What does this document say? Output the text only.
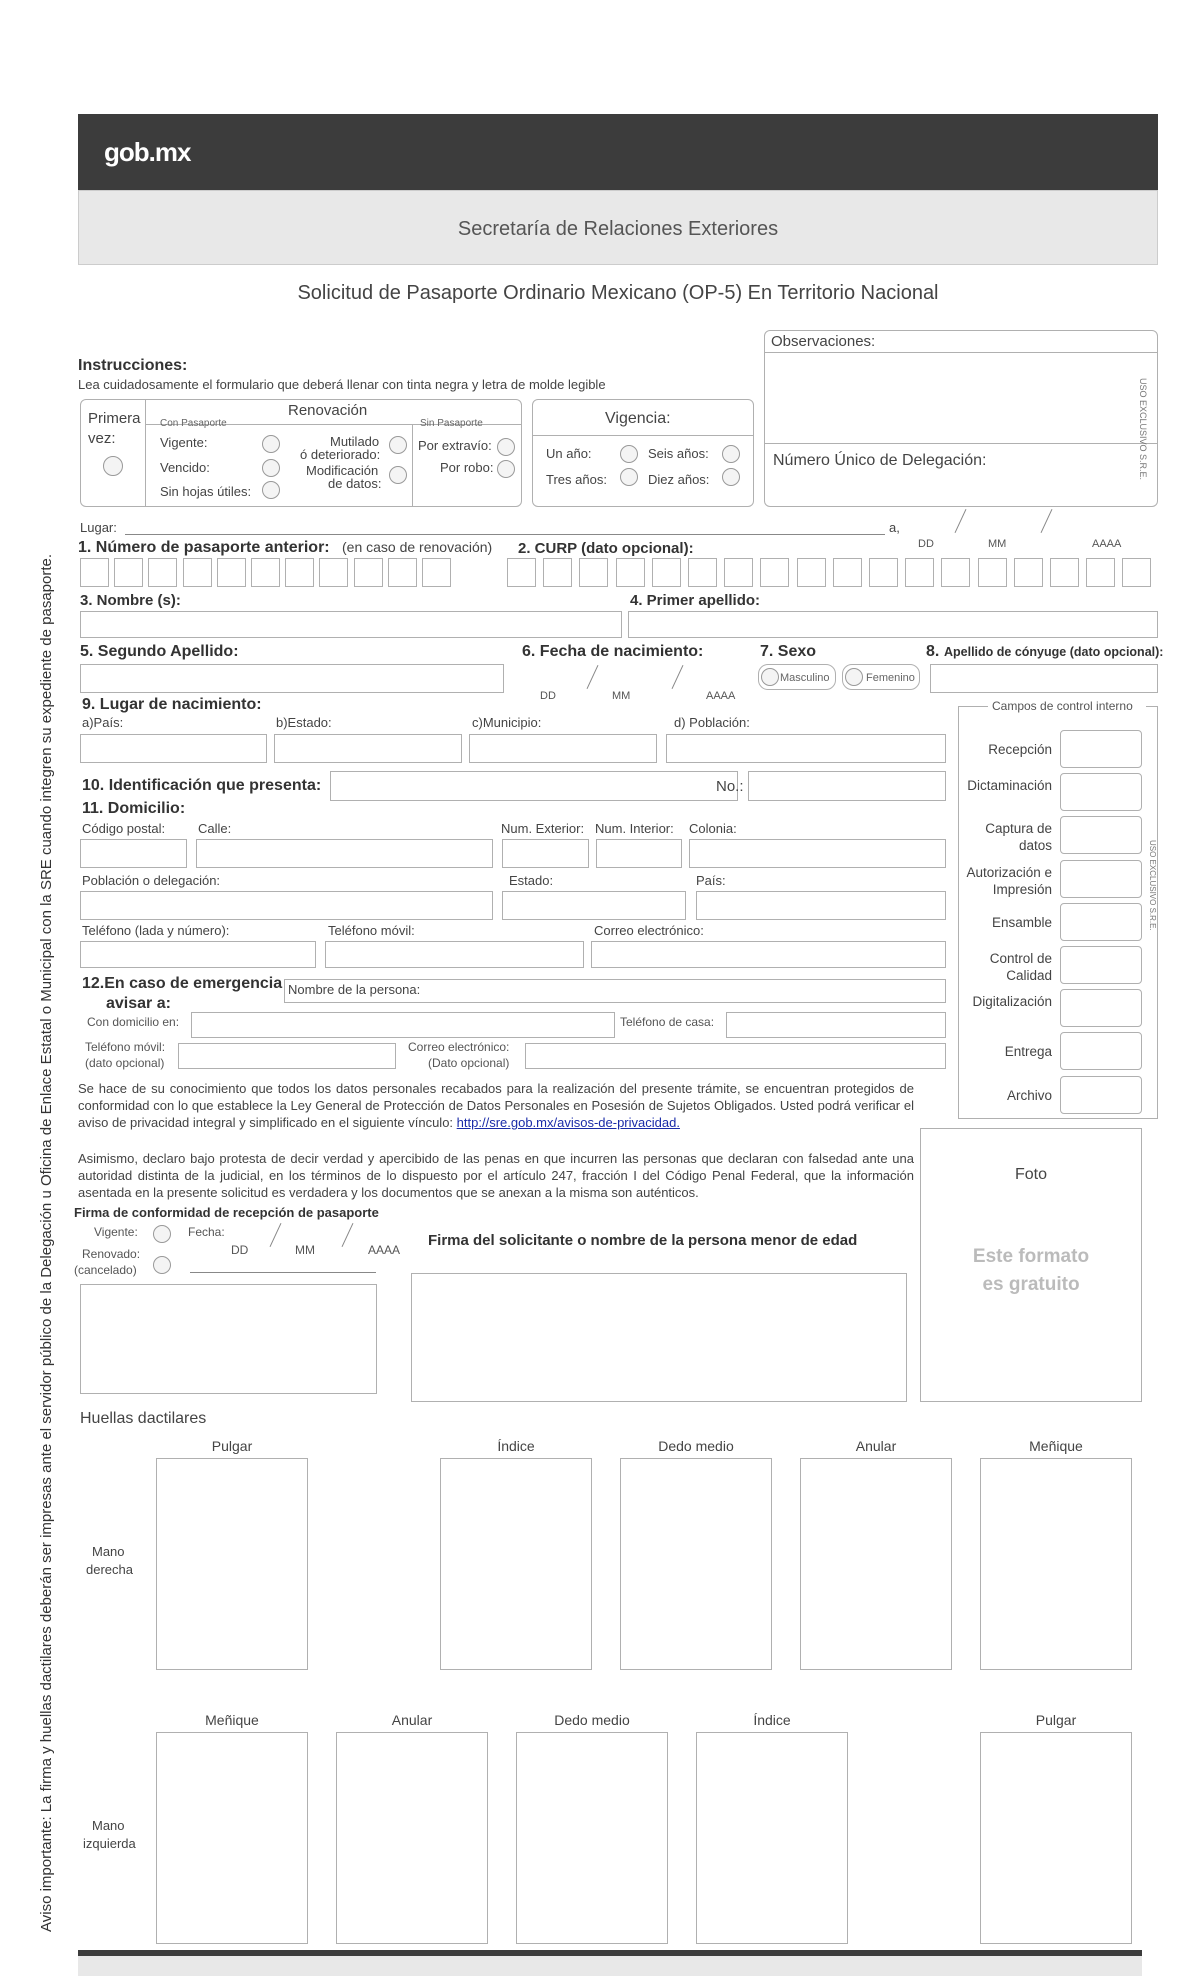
gob.mx
Secretaría de Relaciones Exteriores
Solicitud de Pasaporte Ordinario Mexicano (OP-5) En Territorio Nacional
Aviso importante: La firma y huellas dactilares deberán ser impresas ante el servidor público de la Delegación u Oficina de Enlace Estatal o Municipal con la SRE cuando integren su expediente de pasaporte.
Observaciones:
Número Único de Delegación:	USO EXCLUSIVO S.R.E.
Instrucciones:
Lea cuidadosamente el formulario que deberá llenar con tinta negra y letra de molde legible
Primera
vez:
Renovación
Con Pasaporte	Sin Pasaporte
Vigente:
Vencido:
Sin hojas útiles:
Mutilado
ó deteriorado:
Modificación
de datos:
Por extravío:
Por robo:
Vigencia:
Un año:	Seis años:
Tres años:	Diez años:
Lugar:	a,
DD	MM	AAAA
1. Número de pasaporte anterior: (en caso de renovación) 2. CURP (dato opcional):
3. Nombre (s):	4. Primer apellido:
5. Segundo Apellido:	6. Fecha de nacimiento:
DD	MM	AAAA
7. Sexo
Masculino	Femenino
8. Apellido de cónyuge (dato opcional):
9. Lugar de nacimiento:
a)País:	b)Estado:	c)Municipio:	d) Población:
10. Identificación que presenta:	No.:
11. Domicilio:
Código postal:	Calle:	Num. Exterior: Num. Interior: Colonia:
Población o delegación:	Estado:	País:
Teléfono (lada y número):	Teléfono móvil:	Correo electrónico:
12.En caso de emergencia
avisar a:
Nombre de la persona:
Con domicilio en:	Teléfono de casa:
Teléfono móvil:
(dato opcional)
Correo electrónico:
(Dato opcional)
Campos de control interno
Recepción
Dictaminación
Captura de datos
Autorización e Impresión
Ensamble
Control de Calidad
Digitalización
Entrega
Archivo
USO EXCLUSIVO S.R.E.
Se hace de su conocimiento que todos los datos personales recabados para la realización del presente trámite, se encuentran protegidos de conformidad con lo que establece la Ley General de Protección de Datos Personales en Posesión de Sujetos Obligados. Usted podrá verificar el aviso de privacidad integral y simplificado en el siguiente vínculo: http://sre.gob.mx/avisos-de-privacidad.
Asimismo, declaro bajo protesta de decir verdad y apercibido de las penas en que incurren las personas que declaran con falsedad ante una autoridad distinta de la judicial, en los términos de lo dispuesto por el artículo 247, fracción I del Código Penal Federal, que la información asentada en la presente solicitud es verdadera y los documentos que se anexan a la misma son auténticos.
Foto
Este formato
es gratuito
Firma de conformidad de recepción de pasaporte
Vigente:	Fecha:
DD	MM	AAAA
Renovado:
(cancelado)
Firma del solicitante o nombre de la persona menor de edad
Huellas dactilares
Mano
derecha
Mano
izquierda
Pulgar	Índice	Dedo medio	Anular	Meñique
Meñique	Anular	Dedo medio	Índice	Pulgar
